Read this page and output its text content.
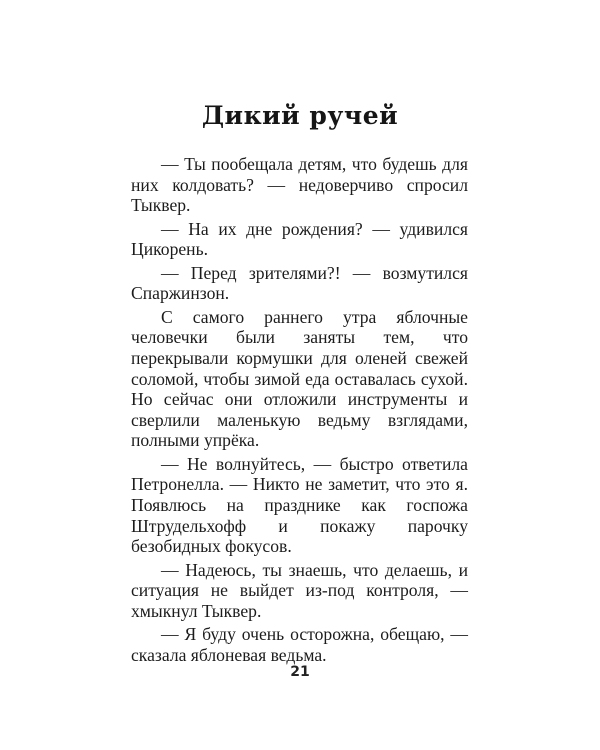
Дикий ручей

— Ты пообещала детям, что будешь для них колдовать? — недоверчиво спросил Тыквер.

— На их дне рождения? — удивился Цикорень.

— Перед зрителями?! — возмутился Спаржинзон.

С самого раннего утра яблочные человечки были заняты тем, что перекрывали кормушки для оленей свежей соломой, чтобы зимой еда оставалась сухой. Но сейчас они отложили инструменты и сверлили маленькую ведьму взглядами, полными упрёка.

— Не волнуйтесь, — быстро ответила Петронелла. — Никто не заметит, что это я. Появлюсь на празднике как госпожа Штрудельхофф и покажу парочку безобидных фокусов.

— Надеюсь, ты знаешь, что делаешь, и ситуация не выйдет из-под контроля, — хмыкнул Тыквер.

— Я буду очень осторожна, обещаю, — сказала яблоневая ведьма.

21
